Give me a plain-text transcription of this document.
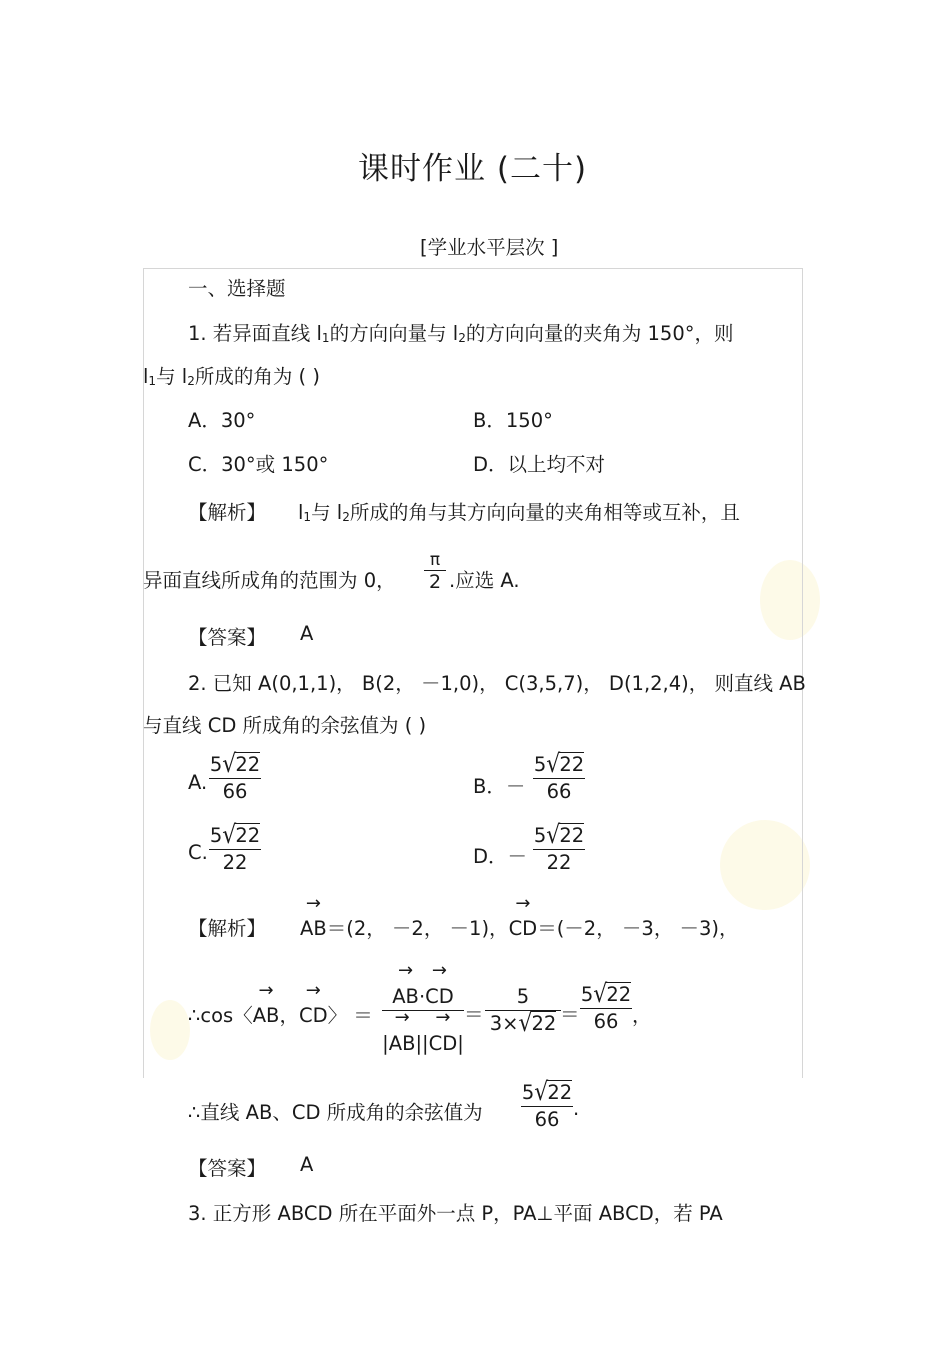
课时作业 (二十)
[学业水平层次 ]
一、选择题
1. 若异面直线 $l_1$的方向向量与 $l_2$的方向向量的夹角为 150°，则
$l_1$与 $l_2$所成的角为 ( )
A．30°	B．150°
C．30°或 150°	D．以上均不对
【解析】 $l_1$与 $l_2$所成的角与其方向向量的夹角相等或互补，且
异面直线所成角的范围为 0，
π
2 .应选 A.
【答案】 A
2. 已知 A(0,1,1)， B(2， －1,0)， C(3,5,7)， D(1,2,4)， 则直线 AB
与直线 CD 所成角的余弦值为 ( )
A.
5√22
66	B．－
5√22
66
C.
5√22
22	D．－
5√22
22
【解析】
→
AB＝(2， －2， －1)，
→
CD＝(－2， －3， －3)，
∴cos〈
→
AB，
→
CD〉 ＝
→
AB·
→
CD
|
→
AB||
→
CD|
＝
5
3×√22 ＝
5√22
66 ，
∴直线 AB、CD 所成角的余弦值为
5√22
66 .
【答案】 A
3. 正方形 ABCD 所在平面外一点 P，PA⊥平面 ABCD，若 PA
